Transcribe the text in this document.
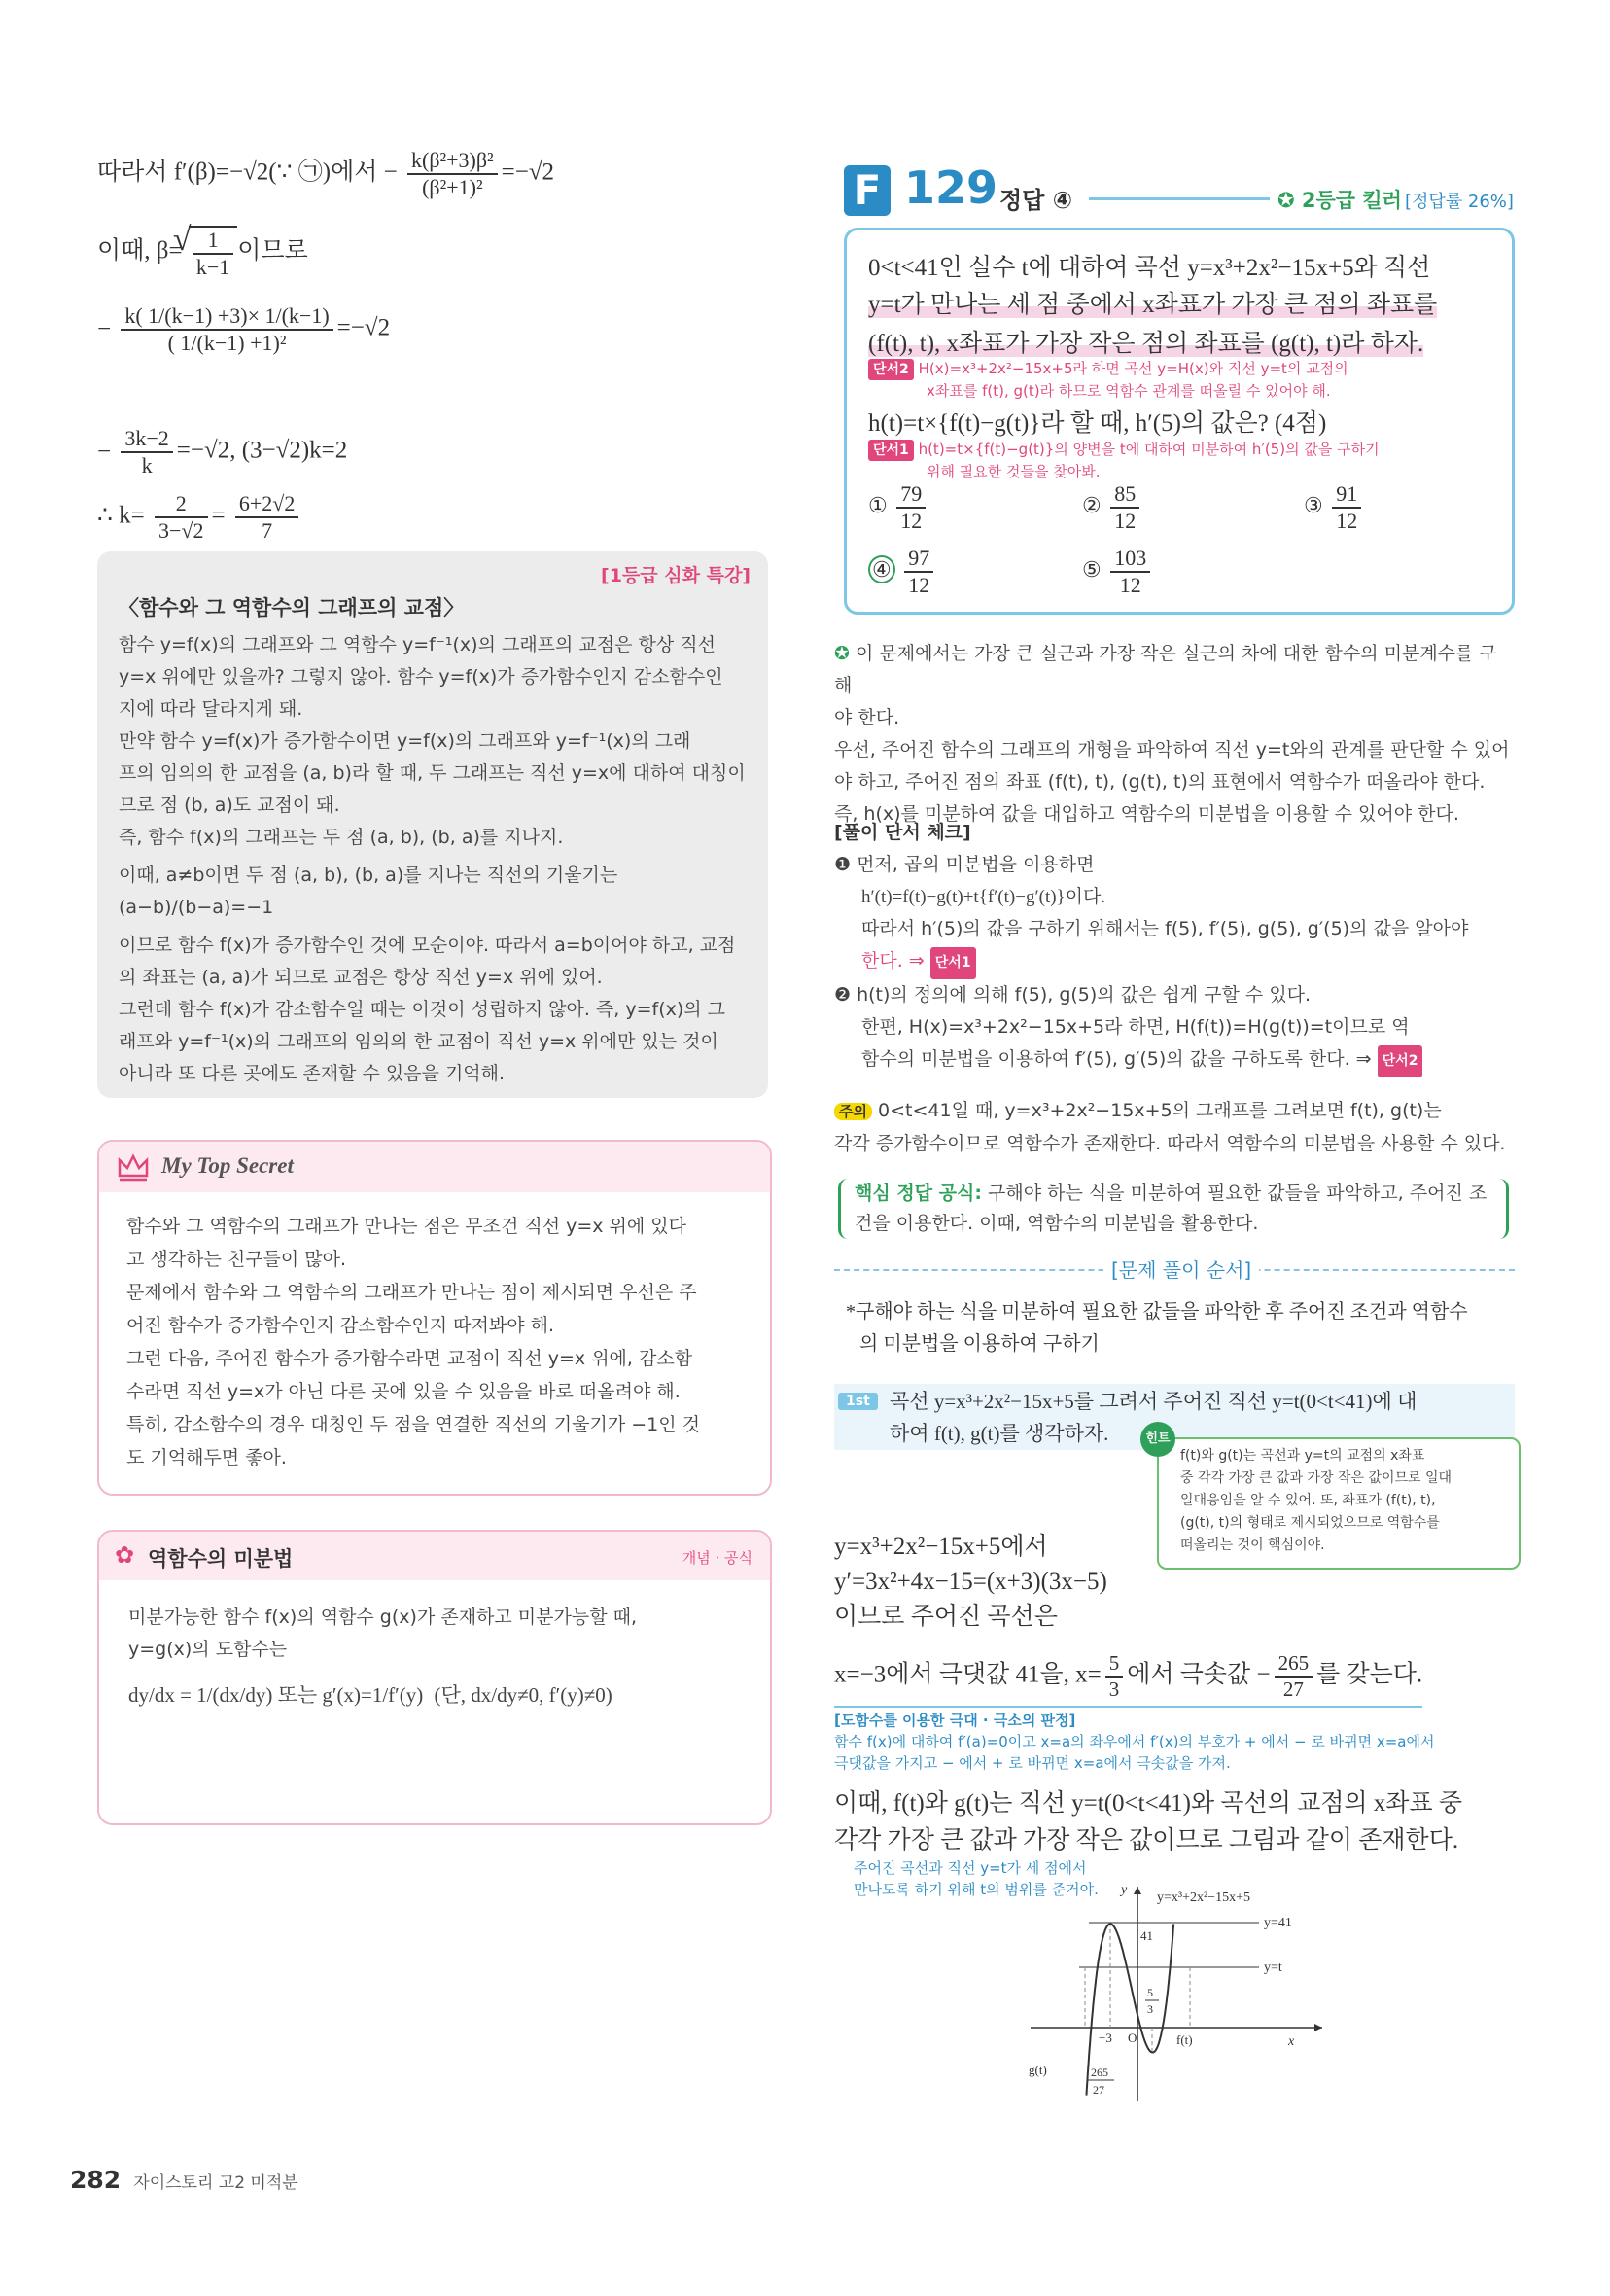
따라서 f′(β)=−√2(∵ ㉠)에서 − $\frac{\text{k(β²+3)β²}}{\text{(β²+1)²}} =-√2$
이때, β=
√ $\frac{1}{k-1}$ 이므로
− $\frac{k( 1/(k-1) +3)\times 1/(k-1)}{\text{( 1/(k−1) +1)²}} =-√2$
− $\frac{3k-2}{k} =-√2$, (3−√2)k=2
∴ $k= \frac{2}{3-√2} = \frac{6+2√2}{7}$
[1등급 심화 특강]
〈함수와 그 역함수의 그래프의 교점〉
함수 y=f(x)의 그래프와 그 역함수 y=f⁻¹(x)의 그래프의 교점은 항상 직선
y=x 위에만 있을까? 그렇지 않아. 함수 y=f(x)가 증가함수인지 감소함수인
지에 따라 달라지게 돼.
만약 함수 y=f(x)가 증가함수이면 y=f(x)의 그래프와 y=f⁻¹(x)의 그래
프의 임의의 한 교점을 (a, b)라 할 때, 두 그래프는 직선 y=x에 대하여 대칭이
므로 점 (b, a)도 교점이 돼.
즉, 함수 f(x)의 그래프는 두 점 (a, b), (b, a)를 지나지.
이때, a≠b이면 두 점 (a, b), (b, a)를 지나는 직선의 기울기는 (a−b)/(b−a)=−1
이므로 함수 f(x)가 증가함수인 것에 모순이야. 따라서 a=b이어야 하고, 교점
의 좌표는 (a, a)가 되므로 교점은 항상 직선 y=x 위에 있어.
그런데 함수 f(x)가 감소함수일 때는 이것이 성립하지 않아. 즉, y=f(x)의 그
래프와 y=f⁻¹(x)의 그래프의 임의의 한 교점이 직선 y=x 위에만 있는 것이
아니라 또 다른 곳에도 존재할 수 있음을 기억해.
My Top Secret
함수와 그 역함수의 그래프가 만나는 점은 무조건 직선 y=x 위에 있다
고 생각하는 친구들이 많아.
문제에서 함수와 그 역함수의 그래프가 만나는 점이 제시되면 우선은 주
어진 함수가 증가함수인지 감소함수인지 따져봐야 해.
그런 다음, 주어진 함수가 증가함수라면 교점이 직선 y=x 위에, 감소함
수라면 직선 y=x가 아닌 다른 곳에 있을 수 있음을 바로 떠올려야 해.
특히, 감소함수의 경우 대칭인 두 점을 연결한 직선의 기울기가 −1인 것
도 기억해두면 좋아.
✿ 역함수의 미분법	개념 · 공식
미분가능한 함수 f(x)의 역함수 g(x)가 존재하고 미분가능할 때,
y=g(x)의 도함수는
dy/dx = 1/(dx/dy) 또는 g′(x)=1/f′(y) (단, dx/dy≠0, f′(y)≠0)
282 자이스토리 고2 미적분
F 129 정답 ④	✪ 2등급 킬러 [정답률 26%]
0<t<41인 실수 t에 대하여 곡선 y=x³+2x²−15x+5와 직선
y=t가 만나는 세 점 중에서 x좌표가 가장 큰 점의 좌표를
(f(t), t), x좌표가 가장 작은 점의 좌표를 (g(t), t)라 하자.
단서2 H(x)=x³+2x²−15x+5라 하면 곡선 y=H(x)와 직선 y=t의 교점의
x좌표를 f(t), g(t)라 하므로 역함수 관계를 떠올릴 수 있어야 해.
h(t)=t×{f(t)−g(t)}라 할 때, h′(5)의 값은? (4점)
단서1 h(t)=t×{f(t)−g(t)}의 양변을 t에 대하여 미분하여 h′(5)의 값을 구하기
위해 필요한 것들을 찾아봐.
① $\frac{79}{12}$	② $\frac{85}{12}$	③ $\frac{91}{12}$
④ $\frac{97}{12}$	⑤ $\frac{103}{12}$
✪ 이 문제에서는 가장 큰 실근과 가장 작은 실근의 차에 대한 함수의 미분계수를 구해
야 한다.
우선, 주어진 함수의 그래프의 개형을 파악하여 직선 y=t와의 관계를 판단할 수 있어
야 하고, 주어진 점의 좌표 (f(t), t), (g(t), t)의 표현에서 역함수가 떠올라야 한다.
즉, h(x)를 미분하여 값을 대입하고 역함수의 미분법을 이용할 수 있어야 한다.
[풀이 단서 체크]
❶ 먼저, 곱의 미분법을 이용하면
h′(t)=f(t)−g(t)+t{f′(t)−g′(t)}이다.
따라서 h′(5)의 값을 구하기 위해서는 f(5), f′(5), g(5), g′(5)의 값을 알아야
한다. ⇒ 단서1
❷ h(t)의 정의에 의해 f(5), g(5)의 값은 쉽게 구할 수 있다.
한편, H(x)=x³+2x²−15x+5라 하면, H(f(t))=H(g(t))=t이므로 역
함수의 미분법을 이용하여 f′(5), g′(5)의 값을 구하도록 한다. ⇒ 단서2
주의 0<t<41일 때, y=x³+2x²−15x+5의 그래프를 그려보면 f(t), g(t)는
각각 증가함수이므로 역함수가 존재한다. 따라서 역함수의 미분법을 사용할 수 있다.
핵심 정답 공식: 구해야 하는 식을 미분하여 필요한 값들을 파악하고, 주어진 조
건을 이용한다. 이때, 역함수의 미분법을 활용한다.
[문제 풀이 순서]
*구해야 하는 식을 미분하여 필요한 값들을 파악한 후 주어진 조건과 역함수
의 미분법을 이용하여 구하기
1st 곡선 y=x³+2x²−15x+5를 그려서 주어진 직선 y=t(0<t<41)에 대
하여 f(t), g(t)를 생각하자.	힌트
f(t)와 g(t)는 곡선과 y=t의 교점의 x좌표
중 각각 가장 큰 값과 가장 작은 값이므로 일대
일대응임을 알 수 있어. 또, 좌표가 (f(t), t),
(g(t), t)의 형태로 제시되었으므로 역함수를
떠올리는 것이 핵심이야.
y=x³+2x²−15x+5에서
y′=3x²+4x−15=(x+3)(3x−5)
이므로 주어진 곡선은
x=−3에서 극댓값 41을, $x= \frac{5}{3}$ 에서 극솟값 − $\frac{265}{27}$ 를 갖는다.
[도함수를 이용한 극대 · 극소의 판정]
함수 f(x)에 대하여 f′(a)=0이고 x=a의 좌우에서 f′(x)의 부호가 + 에서 − 로 바뀌면 x=a에서
극댓값을 가지고 − 에서 + 로 바뀌면 x=a에서 극솟값을 가져.
이때, f(t)와 g(t)는 직선 y=t(0<t<41)와 곡선의 교점의 x좌표 중
각각 가장 큰 값과 가장 작은 값이므로 그림과 같이 존재한다.
주어진 곡선과 직선 y=t가 세 점에서
만나도록 하기 위해 t의 범위를 준거야.	y=x³+2x²−15x+5
y=41
y=t
41
−3 O	f(t)
g(t)
x
y
5
3
265
27
